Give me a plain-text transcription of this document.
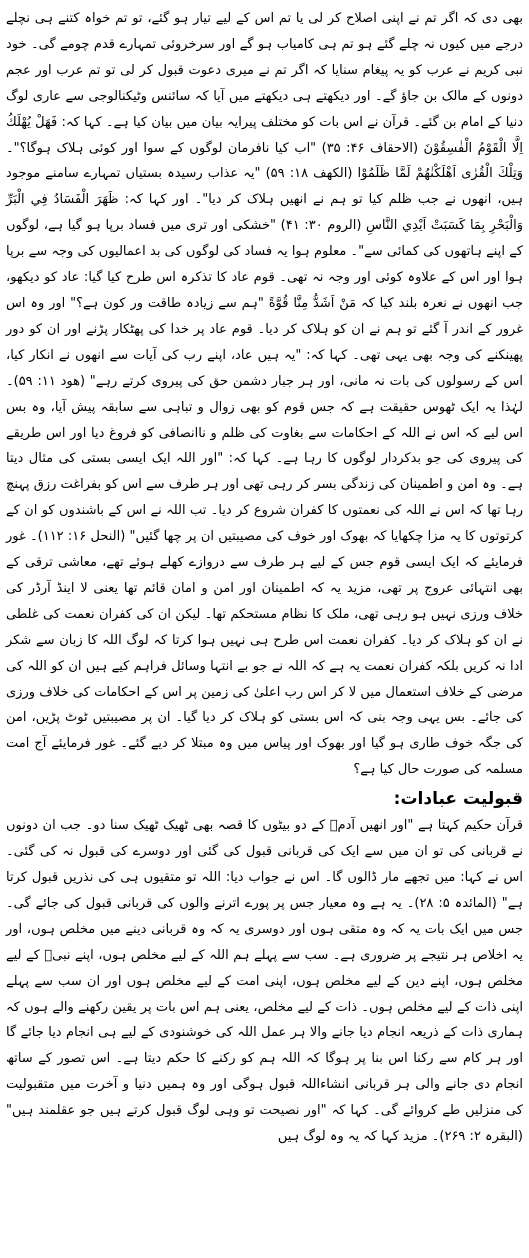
بھی دی کہ اگر تم نے اپنی اصلاح کر لی یا تم اس کے لیے تیار ہو گئے، تو تم خواہ کتنے ہی نچلے درجے میں کیوں نہ چلے گئے ہو تم ہی کامیاب ہو گے اور سرخروئی تمہارے قدم چومے گی۔ خود نبی کریم نے عرب کو یہ پیغام سنایا کہ اگر تم نے میری دعوت قبول کر لی تو تم عرب اور عجم دونوں کے مالک بن جاؤ گے۔ اور دیکھتے ہی دیکھتے میں آیا کہ سائنس وٹیکنالوجی سے عاری لوگ دنیا کے امام بن گئے۔ قرآن نے اس بات کو مختلف پیرایہ بیان میں بیان کیا ہے۔ کہا کہ: فَهَلْ يُهْلَكُ اِلَّا الْقَوْمُ الْفٰسِقُوْنَ (الاحقاف ۴۶: ۳۵) "اب کیا نافرمان لوگوں کے سوا اور کوئی ہلاک ہوگا؟"۔ وَتِلْكَ الْقُرٰى اَهْلَكْنٰهُمْ لَمَّا ظَلَمُوْا (الکھف ۱۸: ۵۹) "یہ عذاب رسیدہ بستیاں تمہارے سامنے موجود ہیں، انھوں نے جب ظلم کیا تو ہم نے انھیں ہلاک کر دیا"۔ اور کہا کہ: ظَهَرَ الْفَسَادُ فِي الْبَرِّ وَالْبَحْرِ بِمَا كَسَبَتْ اَيْدِي النَّاسِ (الروم ۳۰: ۴۱) "خشکی اور تری میں فساد برپا ہو گیا ہے، لوگوں کے اپنے ہاتھوں کی کمائی سے"۔ معلوم ہوا یہ فساد کی لوگوں کی بد اعمالیوں کی وجہ سے برپا ہوا اور اس کے علاوہ کوئی اور وجہ نہ تھی۔ قوم عاد کا تذکرہ اس طرح کیا گیا: عاد کو دیکھو، جب انھوں نے نعرہ بلند کیا کہ مَنْ اَشَدُّ مِنَّا قُوَّةً "ہم سے زیادہ طاقت ور کون ہے؟" اور وہ اس غرور کے اندر آ گئے تو ہم نے ان کو ہلاک کر دیا۔ قوم عاد پر خدا کی پھٹکار پڑنے اور ان کو دور پھینکنے کی وجہ بھی یہی تھی۔ کہا کہ: "یہ ہیں عاد، اپنے رب کی آیات سے انھوں نے انکار کیا، اس کے رسولوں کی بات نہ مانی، اور ہر جبار دشمن حق کی پیروی کرتے رہے" (ھود ۱۱: ۵۹)۔ لہٰذا یہ ایک ٹھوس حقیقت ہے کہ جس قوم کو بھی زوال و تباہی سے سابقہ پیش آیا، وہ بس اس لیے کہ اس نے اللہ کے احکامات سے بغاوت کی ظلم و ناانصافی کو فروغ دیا اور اس طریقے کی پیروی کی جو بدکردار لوگوں کا رہا ہے۔ کہا کہ: "اور اللہ ایک ایسی بستی کی مثال دیتا ہے۔ وہ امن و اطمینان کی زندگی بسر کر رہی تھی اور ہر طرف سے اس کو بفراغت رزق پہنچ رہا تھا کہ اس نے اللہ کی نعمتوں کا کفران شروع کر دیا۔ تب اللہ نے اس کے باشندوں کو ان کے کرتوتوں کا یہ مزا چکھایا کہ بھوک اور خوف کی مصیبتیں ان پر چھا گئیں" (النحل ۱۶: ۱۱۲)۔ غور فرمایئے کہ ایک ایسی قوم جس کے لیے ہر طرف سے دروازے کھلے ہوئے تھے، معاشی ترقی کے بھی انتہائی عروج پر تھی، مزید یہ کہ اطمینان اور امن و امان قائم تھا یعنی لا اینڈ آرڈر کی خلاف ورزی نہیں ہو رہی تھی، ملک کا نظام مستحکم تھا۔ لیکن ان کی کفران نعمت کی غلطی نے ان کو ہلاک کر دیا۔ کفران نعمت اس طرح ہی نہیں ہوا کرتا کہ لوگ اللہ کا زبان سے شکر ادا نہ کریں بلکہ کفران نعمت یہ ہے کہ اللہ نے جو بے انتہا وسائل فراہم کیے ہیں ان کو اللہ کی مرضی کے خلاف استعمال میں لا کر اس رب اعلیٰ کی زمین پر اس کے احکامات کی خلاف ورزی کی جائے۔ بس یہی وجہ بنی کہ اس بستی کو ہلاک کر دیا گیا۔ ان پر مصیبتیں ٹوٹ پڑیں، امن کی جگہ خوف طاری ہو گیا اور بھوک اور پیاس میں وہ مبتلا کر دیے گئے۔ غور فرمایئے آج امت مسلمہ کی صورت حال کیا ہے؟

قبولیت عبادات:

قرآن حکیم کہتا ہے "اور انھیں آدمؑ کے دو بیٹوں کا قصہ بھی ٹھیک ٹھیک سنا دو۔ جب ان دونوں نے قربانی کی تو ان میں سے ایک کی قربانی قبول کی گئی اور دوسرے کی قبول نہ کی گئی۔ اس نے کہا: میں تجھے مار ڈالوں گا۔ اس نے جواب دیا: اللہ تو متقیوں ہی کی نذریں قبول کرتا ہے" (المائدہ ۵: ۲۸)۔ یہ ہے وہ معیار جس پر پورے اترنے والوں کی قربانی قبول کی جائے گی۔ جس میں ایک بات یہ کہ وہ متقی ہوں اور دوسری یہ کہ وہ قربانی دینے میں مخلص ہوں، اور یہ اخلاص ہر نتیجے پر ضروری ہے۔ سب سے پہلے ہم اللہ کے لیے مخلص ہوں، اپنے نبیؐ کے لیے مخلص ہوں، اپنے دین کے لیے مخلص ہوں، اپنی امت کے لیے مخلص ہوں اور ان سب سے پہلے اپنی ذات کے لیے مخلص ہوں۔ ذات کے لیے مخلص، یعنی ہم اس بات پر یقین رکھنے والے ہوں کہ ہماری ذات کے ذریعہ انجام دیا جانے والا ہر عمل اللہ کی خوشنودی کے لیے ہی انجام دیا جائے گا اور ہر کام سے رکنا اس بنا پر ہوگا کہ اللہ ہم کو رکنے کا حکم دیتا ہے۔ اس تصور کے ساتھ انجام دی جانے والی ہر قربانی انشاءاللہ قبول ہوگی اور وہ ہمیں دنیا و آخرت میں متقبولیت کی منزلیں طے کروائے گی۔ کہا کہ "اور نصیحت تو وہی لوگ قبول کرتے ہیں جو عقلمند ہیں" (البقرہ ۲: ۲۶۹)۔ مزید کہا کہ یہ وہ لوگ ہیں
